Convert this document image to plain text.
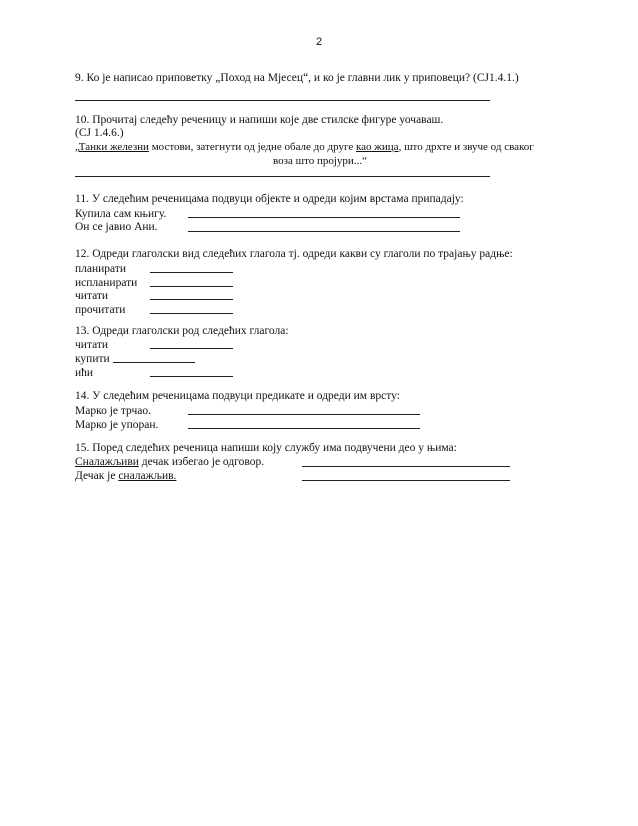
2
9. Ко је написао приповетку „Поход на Мјесец“, и ко је главни лик у приповеци? (СЈ1.4.1.)
10. Прочитај следећу реченицу и напиши које две стилске фигуре уочаваш.
(СЈ 1.4.6.)
„Танки железни мостови, затегнути од једне обале до друге као жица, што дрхте и звуче од сваког
воза што пројури...“
11. У следећим реченицама подвуци објекте и одреди којим врстама припадају:
Купила сам књигу.
Он се јавио Ани.
12. Одреди глаголски вид следећих глагола тј. одреди какви су глаголи по трајању радње:
планирати
испланирати
читати
прочитати
13. Одреди глаголски род следећих глагола:
читати
купити
ићи
14. У следећим реченицама подвуци предикате и одреди им врсту:
Марко је трчао.
Марко је упоран.
15. Поред следећих реченица напиши коју службу има подвучени део у њима:
Сналажљиви дечак избегао је одговор.
Дечак је сналажљив.
